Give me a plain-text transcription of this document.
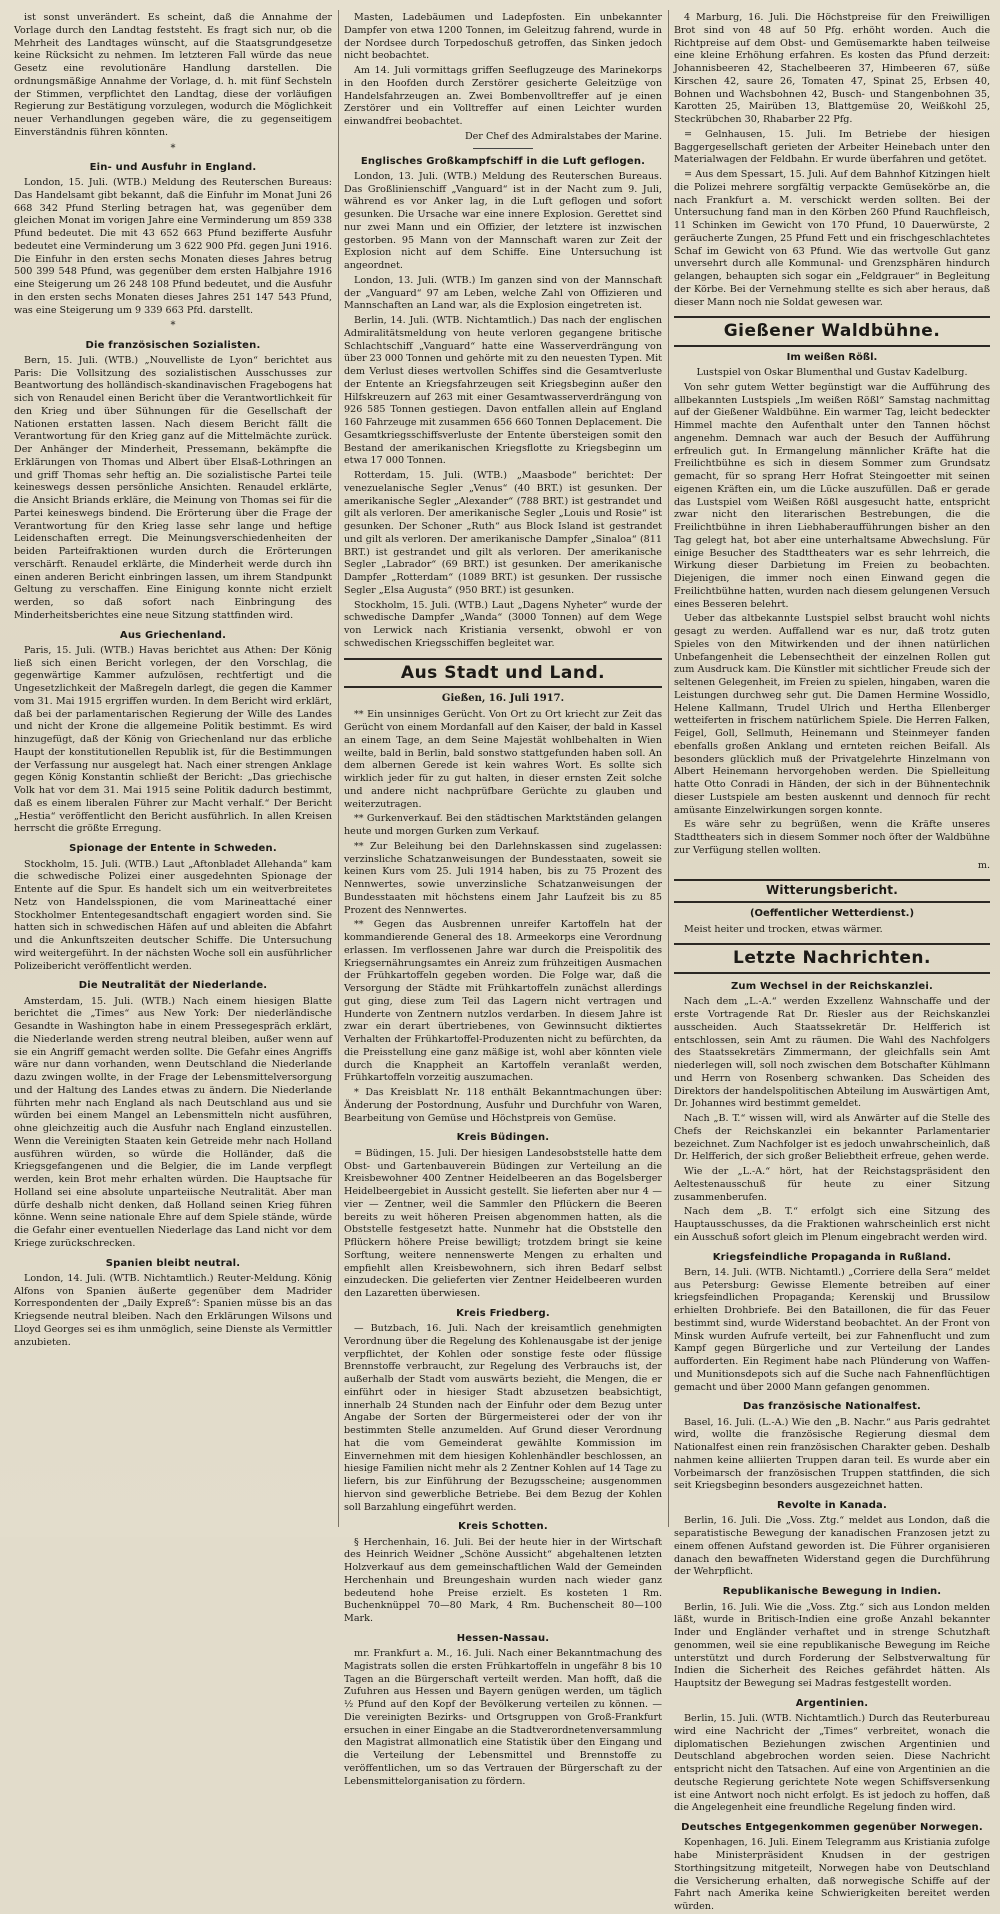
ist sonst unverändert. Es scheint, daß die Annahme der Vorlage durch den Landtag feststeht. Es fragt sich nur, ob die Mehrheit des Landtages wünscht, auf die Staatsgrundgesetze keine Rücksicht zu nehmen. Im letzteren Fall würde das neue Gesetz eine revolutionäre Handlung darstellen. Die ordnungsmäßige Annahme der Vorlage, d. h. mit fünf Sechsteln der Stimmen, verpflichtet den Landtag, diese der vorläufigen Regierung zur Bestätigung vorzulegen, wodurch die Möglichkeit neuer Verhandlungen gegeben wäre, die zu gegenseitigem Einverständnis führen könnten.

*
Ein- und Ausfuhr in England.

London, 15. Juli. (WTB.) Meldung des Reuterschen Bureaus: Das Handelsamt gibt bekannt, daß die Einfuhr im Monat Juni 26 668 342 Pfund Sterling betragen hat, was gegenüber dem gleichen Monat im vorigen Jahre eine Verminderung um 859 338 Pfund bedeutet. Die mit 43 652 663 Pfund bezifferte Ausfuhr bedeutet eine Verminderung um 3 622 900 Pfd. gegen Juni 1916. Die Einfuhr in den ersten sechs Monaten dieses Jahres betrug 500 399 548 Pfund, was gegenüber dem ersten Halbjahre 1916 eine Steigerung um 26 248 108 Pfund bedeutet, und die Ausfuhr in den ersten sechs Monaten dieses Jahres 251 147 543 Pfund, was eine Steigerung um 9 339 663 Pfd. darstellt.

*
Die französischen Sozialisten.

Bern, 15. Juli. (WTB.) „Nouvelliste de Lyon“ berichtet aus Paris: Die Vollsitzung des sozialistischen Ausschusses zur Beantwortung des holländisch-skandinavischen Fragebogens hat sich von Renaudel einen Bericht über die Verantwortlichkeit für den Krieg und über Sühnungen für die Gesellschaft der Nationen erstatten lassen. Nach diesem Bericht fällt die Verantwortung für den Krieg ganz auf die Mittelmächte zurück. Der Anhänger der Minderheit, Pressemann, bekämpfte die Erklärungen von Thomas und Albert über Elsaß-Lothringen an und griff Thomas sehr heftig an. Die sozialistische Partei teile keineswegs dessen persönliche Ansichten. Renaudel erklärte, die Ansicht Briands erkläre, die Meinung von Thomas sei für die Partei keineswegs bindend. Die Erörterung über die Frage der Verantwortung für den Krieg lasse sehr lange und heftige Leidenschaften erregt. Die Meinungsverschiedenheiten der beiden Parteifraktionen wurden durch die Erörterungen verschärft. Renaudel erklärte, die Minderheit werde durch ihn einen anderen Bericht einbringen lassen, um ihrem Standpunkt Geltung zu verschaffen. Eine Einigung konnte nicht erzielt werden, so daß sofort nach Einbringung des Minderheitsberichtes eine neue Sitzung stattfinden wird.

Aus Griechenland.

Paris, 15. Juli. (WTB.) Havas berichtet aus Athen: Der König ließ sich einen Bericht vorlegen, der den Vorschlag, die gegenwärtige Kammer aufzulösen, rechtfertigt und die Ungesetzlichkeit der Maßregeln darlegt, die gegen die Kammer vom 31. Mai 1915 ergriffen wurden. In dem Bericht wird erklärt, daß bei der parlamentarischen Regierung der Wille des Landes und nicht der Krone die allgemeine Politik bestimmt. Es wird hinzugefügt, daß der König von Griechenland nur das erbliche Haupt der konstitutionellen Republik ist, für die Bestimmungen der Verfassung nur ausgelegt hat. Nach einer strengen Anklage gegen König Konstantin schließt der Bericht: „Das griechische Volk hat vor dem 31. Mai 1915 seine Politik dadurch bestimmt, daß es einem liberalen Führer zur Macht verhalf.“ Der Bericht „Hestia“ veröffentlicht den Bericht ausführlich. In allen Kreisen herrscht die größte Erregung.

Spionage der Entente in Schweden.

Stockholm, 15. Juli. (WTB.) Laut „Aftonbladet Allehanda“ kam die schwedische Polizei einer ausgedehnten Spionage der Entente auf die Spur. Es handelt sich um ein weitverbreitetes Netz von Handelsspionen, die vom Marineattaché einer Stockholmer Ententegesandtschaft engagiert worden sind. Sie hatten sich in schwedischen Häfen auf und ableiten die Abfahrt und die Ankunftszeiten deutscher Schiffe. Die Untersuchung wird weitergeführt. In der nächsten Woche soll ein ausführlicher Polizeibericht veröffentlicht werden.

Die Neutralität der Niederlande.

Amsterdam, 15. Juli. (WTB.) Nach einem hiesigen Blatte berichtet die „Times“ aus New York: Der niederländische Gesandte in Washington habe in einem Pressegespräch erklärt, die Niederlande werden streng neutral bleiben, außer wenn auf sie ein Angriff gemacht werden sollte. Die Gefahr eines Angriffs wäre nur dann vorhanden, wenn Deutschland die Niederlande dazu zwingen wollte, in der Frage der Lebensmittelversorgung und der Haltung des Landes etwas zu ändern. Die Niederlande führten mehr nach England als nach Deutschland aus und sie würden bei einem Mangel an Lebensmitteln nicht ausführen, ohne gleichzeitig auch die Ausfuhr nach England einzustellen. Wenn die Vereinigten Staaten kein Getreide mehr nach Holland ausführen würden, so würde die Holländer, daß die Kriegsgefangenen und die Belgier, die im Lande verpflegt werden, kein Brot mehr erhalten würden. Die Hauptsache für Holland sei eine absolute unparteiische Neutralität. Aber man dürfe deshalb nicht denken, daß Holland seinen Krieg führen könne. Wenn seine nationale Ehre auf dem Spiele stände, würde die Gefahr einer eventuellen Niederlage das Land nicht vor dem Kriege zurückschrecken.

Spanien bleibt neutral.

London, 14. Juli. (WTB. Nichtamtlich.) Reuter-Meldung. König Alfons von Spanien äußerte gegenüber dem Madrider Korrespondenten der „Daily Expreß“: Spanien müsse bis an das Kriegsende neutral bleiben. Nach den Erklärungen Wilsons und Lloyd Georges sei es ihm unmöglich, seine Dienste als Vermittler anzubieten.

Masten, Ladebäumen und Ladepfosten. Ein unbekannter Dampfer von etwa 1200 Tonnen, im Geleitzug fahrend, wurde in der Nordsee durch Torpedoschuß getroffen, das Sinken jedoch nicht beobachtet.

Am 14. Juli vormittags griffen Seeflugzeuge des Marinekorps in den Hoofden durch Zerstörer gesicherte Geleitzüge von Handelsfahrzeugen an. Zwei Bombenvolltreffer auf je einen Zerstörer und ein Volltreffer auf einen Leichter wurden einwandfrei beobachtet.

Der Chef des Admiralstabes der Marine.

Englisches Großkampfschiff in die Luft geflogen.

London, 13. Juli. (WTB.) Meldung des Reuterschen Bureaus. Das Großlinienschiff „Vanguard“ ist in der Nacht zum 9. Juli, während es vor Anker lag, in die Luft geflogen und sofort gesunken. Die Ursache war eine innere Explosion. Gerettet sind nur zwei Mann und ein Offizier, der letztere ist inzwischen gestorben. 95 Mann von der Mannschaft waren zur Zeit der Explosion nicht auf dem Schiffe. Eine Untersuchung ist angeordnet.

London, 13. Juli. (WTB.) Im ganzen sind von der Mannschaft der „Vanguard“ 97 am Leben, welche Zahl von Offizieren und Mannschaften an Land war, als die Explosion eingetreten ist.

Berlin, 14. Juli. (WTB. Nichtamtlich.) Das nach der englischen Admiralitätsmeldung von heute verloren gegangene britische Schlachtschiff „Vanguard“ hatte eine Wasserverdrängung von über 23 000 Tonnen und gehörte mit zu den neuesten Typen. Mit dem Verlust dieses wertvollen Schiffes sind die Gesamtverluste der Entente an Kriegsfahrzeugen seit Kriegsbeginn außer den Hilfskreuzern auf 263 mit einer Gesamtwasserverdrängung von 926 585 Tonnen gestiegen. Davon entfallen allein auf England 160 Fahrzeuge mit zusammen 656 660 Tonnen Deplacement. Die Gesamtkriegsschiffsverluste der Entente übersteigen somit den Bestand der amerikanischen Kriegsflotte zu Kriegsbeginn um etwa 17 000 Tonnen.

Rotterdam, 15. Juli. (WTB.) „Maasbode“ berichtet: Der venezuelanische Segler „Venus“ (40 BRT.) ist gesunken. Der amerikanische Segler „Alexander“ (788 BRT.) ist gestrandet und gilt als verloren. Der amerikanische Segler „Louis und Rosie“ ist gesunken. Der Schoner „Ruth“ aus Block Island ist gestrandet und gilt als verloren. Der amerikanische Dampfer „Sinaloa“ (811 BRT.) ist gestrandet und gilt als verloren. Der amerikanische Segler „Labrador“ (69 BRT.) ist gesunken. Der amerikanische Dampfer „Rotterdam“ (1089 BRT.) ist gesunken. Der russische Segler „Elsa Augusta“ (950 BRT.) ist gesunken.

Stockholm, 15. Juli. (WTB.) Laut „Dagens Nyheter“ wurde der schwedische Dampfer „Wanda“ (3000 Tonnen) auf dem Wege von Lerwick nach Kristiania versenkt, obwohl er von schwedischen Kriegsschiffen begleitet war.

Aus Stadt und Land.
Gießen, 16. Juli 1917.

** Ein unsinniges Gerücht. Von Ort zu Ort kriecht zur Zeit das Gerücht von einem Mordanfall auf den Kaiser, der bald in Kassel an einem Tage, an dem Seine Majestät wohlbehalten in Wien weilte, bald in Berlin, bald sonstwo stattgefunden haben soll. An dem albernen Gerede ist kein wahres Wort. Es sollte sich wirklich jeder für zu gut halten, in dieser ernsten Zeit solche und andere nicht nachprüfbare Gerüchte zu glauben und weiterzutragen.

** Gurkenverkauf. Bei den städtischen Marktständen gelangen heute und morgen Gurken zum Verkauf.

** Zur Beleihung bei den Darlehnskassen sind zugelassen: verzinsliche Schatzanweisungen der Bundesstaaten, soweit sie keinen Kurs vom 25. Juli 1914 haben, bis zu 75 Prozent des Nennwertes, sowie unverzinsliche Schatzanweisungen der Bundesstaaten mit höchstens einem Jahr Laufzeit bis zu 85 Prozent des Nennwertes.

** Gegen das Ausbrennen unreifer Kartoffeln hat der kommandierende General des 18. Armeekorps eine Verordnung erlassen. Im verflossenen Jahre war durch die Preispolitik des Kriegsernährungsamtes ein Anreiz zum frühzeitigen Ausmachen der Frühkartoffeln gegeben worden. Die Folge war, daß die Versorgung der Städte mit Frühkartoffeln zunächst allerdings gut ging, diese zum Teil das Lagern nicht vertragen und Hunderte von Zentnern nutzlos verdarben. In diesem Jahre ist zwar ein derart übertriebenes, von Gewinnsucht diktiertes Verhalten der Frühkartoffel-Produzenten nicht zu befürchten, da die Preisstellung eine ganz mäßige ist, wohl aber könnten viele durch die Knappheit an Kartoffeln veranlaßt werden, Frühkartoffeln vorzeitig auszumachen.

* Das Kreisblatt Nr. 118 enthält Bekanntmachungen über: Änderung der Postordnung, Ausfuhr und Durchfuhr von Waren, Bearbeitung von Gemüse und Höchstpreis von Gemüse.

Kreis Büdingen.

= Büdingen, 15. Juli. Der hiesigen Landesobststelle hatte dem Obst- und Gartenbauverein Büdingen zur Verteilung an die Kreisbewohner 400 Zentner Heidelbeeren an das Bogelsberger Heidelbeergebiet in Aussicht gestellt. Sie lieferten aber nur 4 — vier — Zentner, weil die Sammler den Pflückern die Beeren bereits zu weit höheren Preisen abgenommen hatten, als die Obststelle festgesetzt hatte. Nunmehr hat die Obststelle den Pflückern höhere Preise bewilligt; trotzdem bringt sie keine Sorftung, weitere nennenswerte Mengen zu erhalten und empfiehlt allen Kreisbewohnern, sich ihren Bedarf selbst einzudecken. Die gelieferten vier Zentner Heidelbeeren wurden den Lazaretten überwiesen.

Kreis Friedberg.

— Butzbach, 16. Juli. Nach der kreisamtlich genehmigten Verordnung über die Regelung des Kohlenausgabe ist der jenige verpflichtet, der Kohlen oder sonstige feste oder flüssige Brennstoffe verbraucht, zur Regelung des Verbrauchs ist, der außerhalb der Stadt vom auswärts bezieht, die Mengen, die er einführt oder in hiesiger Stadt abzusetzen beabsichtigt, innerhalb 24 Stunden nach der Einfuhr oder dem Bezug unter Angabe der Sorten der Bürgermeisterei oder der von ihr bestimmten Stelle anzumelden. Auf Grund dieser Verordnung hat die vom Gemeinderat gewählte Kommission im Einvernehmen mit dem hiesigen Kohlenhändler beschlossen, an hiesige Familien nicht mehr als 2 Zentner Kohlen auf 14 Tage zu liefern, bis zur Einführung der Bezugsscheine; ausgenommen hiervon sind gewerbliche Betriebe. Bei dem Bezug der Kohlen soll Barzahlung eingeführt werden.

Kreis Schotten.

§ Herchenhain, 16. Juli. Bei der heute hier in der Wirtschaft des Heinrich Weidner „Schöne Aussicht“ abgehaltenen letzten Holzverkauf aus dem gemeinschaftlichen Wald der Gemeinden Herchenhain und Breungeshain wurden nach wieder ganz bedeutend hohe Preise erzielt. Es kosteten 1 Rm. Buchenknüppel 70—80 Mark, 4 Rm. Buchenscheit 80—100 Mark.

Hessen-Nassau.

mr. Frankfurt a. M., 16. Juli. Nach einer Bekanntmachung des Magistrats sollen die ersten Frühkartoffeln in ungefähr 8 bis 10 Tagen an die Bürgerschaft verteilt werden. Man hofft, daß die Zufuhren aus Hessen und Bayern genügen werden, um täglich ½ Pfund auf den Kopf der Bevölkerung verteilen zu können. — Die vereinigten Bezirks- und Ortsgruppen von Groß-Frankfurt ersuchen in einer Eingabe an die Stadtverordnetenversammlung den Magistrat allmonatlich eine Statistik über den Eingang und die Verteilung der Lebensmittel und Brennstoffe zu veröffentlichen, um so das Vertrauen der Bürgerschaft zu der Lebensmittelorganisation zu fördern.

4 Marburg, 16. Juli. Die Höchstpreise für den Freiwilligen Brot sind von 48 auf 50 Pfg. erhöht worden. Auch die Richtpreise auf dem Obst- und Gemüsemarkte haben teilweise eine kleine Erhöhung erfahren. Es kosten das Pfund derzeit: Johannisbeeren 42, Stachelbeeren 37, Himbeeren 67, süße Kirschen 42, saure 26, Tomaten 47, Spinat 25, Erbsen 40, Bohnen und Wachsbohnen 42, Busch- und Stangenbohnen 35, Karotten 25, Mairüben 13, Blattgemüse 20, Weißkohl 25, Steckrübchen 30, Rhabarber 22 Pfg.

= Gelnhausen, 15. Juli. Im Betriebe der hiesigen Baggergesellschaft gerieten der Arbeiter Heinebach unter den Materialwagen der Feldbahn. Er wurde überfahren und getötet.

= Aus dem Spessart, 15. Juli. Auf dem Bahnhof Kitzingen hielt die Polizei mehrere sorgfältig verpackte Gemüsekörbe an, die nach Frankfurt a. M. verschickt werden sollten. Bei der Untersuchung fand man in den Körben 260 Pfund Rauchfleisch, 11 Schinken im Gewicht von 170 Pfund, 10 Dauerwürste, 2 geräucherte Zungen, 25 Pfund Fett und ein frischgeschlachtetes Schaf im Gewicht von 63 Pfund. Wie das wertvolle Gut ganz unversehrt durch alle Kommunal- und Grenzsphären hindurch gelangen, behaupten sich sogar ein „Feldgrauer“ in Begleitung der Körbe. Bei der Vernehmung stellte es sich aber heraus, daß dieser Mann noch nie Soldat gewesen war.

Gießener Waldbühne.
Im weißen Rößl.

Lustspiel von Oskar Blumenthal und Gustav Kadelburg.

Von sehr gutem Wetter begünstigt war die Aufführung des allbekannten Lustspiels „Im weißen Rößl“ Samstag nachmittag auf der Gießener Waldbühne. Ein warmer Tag, leicht bedeckter Himmel machte den Aufenthalt unter den Tannen höchst angenehm. Demnach war auch der Besuch der Aufführung erfreulich gut. In Ermangelung männlicher Kräfte hat die Freilichtbühne es sich in diesem Sommer zum Grundsatz gemacht, für so sprang Herr Hofrat Steingoetter mit seinen eigenen Kräften ein, um die Lücke auszufüllen. Daß er gerade das Lustspiel vom Weißen Rößl ausgesucht hatte, entspricht zwar nicht den literarischen Bestrebungen, die die Freilichtbühne in ihren Liebhaberaufführungen bisher an den Tag gelegt hat, bot aber eine unterhaltsame Abwechslung. Für einige Besucher des Stadttheaters war es sehr lehrreich, die Wirkung dieser Darbietung im Freien zu beobachten. Diejenigen, die immer noch einen Einwand gegen die Freilichtbühne hatten, wurden nach diesem gelungenen Versuch eines Besseren belehrt.

Ueber das altbekannte Lustspiel selbst braucht wohl nichts gesagt zu werden. Auffallend war es nur, daß trotz guten Spieles von den Mitwirkenden und der ihnen natürlichen Unbefangenheit die Lebensechtheit der einzelnen Rollen gut zum Ausdruck kam. Die Künstler mit sichtlicher Freude sich der seltenen Gelegenheit, im Freien zu spielen, hingaben, waren die Leistungen durchweg sehr gut. Die Damen Hermine Wossidlo, Helene Kallmann, Trudel Ulrich und Hertha Ellenberger wetteiferten in frischem natürlichem Spiele. Die Herren Falken, Feigel, Goll, Sellmuth, Heinemann und Steinmeyer fanden ebenfalls großen Anklang und ernteten reichen Beifall. Als besonders glücklich muß der Privatgelehrte Hinzelmann von Albert Heinemann hervorgehoben werden. Die Spielleitung hatte Otto Conradi in Händen, der sich in der Bühnentechnik dieser Lustspiele am besten auskennt und dennoch für recht amüsante Einzelwirkungen sorgen konnte.

Es wäre sehr zu begrüßen, wenn die Kräfte unseres Stadttheaters sich in diesem Sommer noch öfter der Waldbühne zur Verfügung stellen wollten.

m.

Witterungsbericht.
(Oeffentlicher Wetterdienst.)

Meist heiter und trocken, etwas wärmer.

Letzte Nachrichten.
Zum Wechsel in der Reichskanzlei.

Nach dem „L.-A.“ werden Exzellenz Wahnschaffe und der erste Vortragende Rat Dr. Riesler aus der Reichskanzlei ausscheiden. Auch Staatssekretär Dr. Helfferich ist entschlossen, sein Amt zu räumen. Die Wahl des Nachfolgers des Staatssekretärs Zimmermann, der gleichfalls sein Amt niederlegen will, soll noch zwischen dem Botschafter Kühlmann und Herrn von Rosenberg schwanken. Das Scheiden des Direktors der handelspolitischen Abteilung im Auswärtigen Amt, Dr. Johannes wird bestimmt gemeldet.

Nach „B. T.“ wissen will, wird als Anwärter auf die Stelle des Chefs der Reichskanzlei ein bekannter Parlamentarier bezeichnet. Zum Nachfolger ist es jedoch unwahrscheinlich, daß Dr. Helfferich, der sich großer Beliebtheit erfreue, gehen werde.

Wie der „L.-A.“ hört, hat der Reichstagspräsident den Aeltestenausschuß für heute zu einer Sitzung zusammenberufen.

Nach dem „B. T.“ erfolgt sich eine Sitzung des Hauptausschusses, da die Fraktionen wahrscheinlich erst nicht ein Ausschuß sofort gleich im Plenum eingebracht werden wird.

Kriegsfeindliche Propaganda in Rußland.

Bern, 14. Juli. (WTB. Nichtamtl.) „Corriere della Sera“ meldet aus Petersburg: Gewisse Elemente betreiben auf einer kriegsfeindlichen Propaganda; Kerenskij und Brussilow erhielten Drohbriefe. Bei den Bataillonen, die für das Feuer bestimmt sind, wurde Widerstand beobachtet. An der Front von Minsk wurden Aufrufe verteilt, bei zur Fahnenflucht und zum Kampf gegen Bürgerliche und zur Verteilung der Landes aufforderten. Ein Regiment habe nach Plünderung von Waffen- und Munitionsdepots sich auf die Suche nach Fahnenflüchtigen gemacht und über 2000 Mann gefangen genommen.

Das französische Nationalfest.

Basel, 16. Juli. (L.-A.) Wie den „B. Nachr.“ aus Paris gedrahtet wird, wollte die französische Regierung diesmal dem Nationalfest einen rein französischen Charakter geben. Deshalb nahmen keine alliierten Truppen daran teil. Es wurde aber ein Vorbeimarsch der französischen Truppen stattfinden, die sich seit Kriegsbeginn besonders ausgezeichnet hatten.

Revolte in Kanada.

Berlin, 16. Juli. Die „Voss. Ztg.“ meldet aus London, daß die separatistische Bewegung der kanadischen Franzosen jetzt zu einem offenen Aufstand geworden ist. Die Führer organisieren danach den bewaffneten Widerstand gegen die Durchführung der Wehrpflicht.

Republikanische Bewegung in Indien.

Berlin, 16. Juli. Wie die „Voss. Ztg.“ sich aus London melden läßt, wurde in Britisch-Indien eine große Anzahl bekannter Inder und Engländer verhaftet und in strenge Schutzhaft genommen, weil sie eine republikanische Bewegung im Reiche unterstützt und durch Forderung der Selbstverwaltung für Indien die Sicherheit des Reiches gefährdet hätten. Als Hauptsitz der Bewegung sei Madras festgestellt worden.

Argentinien.

Berlin, 15. Juli. (WTB. Nichtamtlich.) Durch das Reuterbureau wird eine Nachricht der „Times“ verbreitet, wonach die diplomatischen Beziehungen zwischen Argentinien und Deutschland abgebrochen worden seien. Diese Nachricht entspricht nicht den Tatsachen. Auf eine von Argentinien an die deutsche Regierung gerichtete Note wegen Schiffsversenkung ist eine Antwort noch nicht erfolgt. Es ist jedoch zu hoffen, daß die Angelegenheit eine freundliche Regelung finden wird.

Deutsches Entgegenkommen gegenüber Norwegen.

Kopenhagen, 16. Juli. Einem Telegramm aus Kristiania zufolge habe Ministerpräsident Knudsen in der gestrigen Storthingsitzung mitgeteilt, Norwegen habe von Deutschland die Versicherung erhalten, daß norwegische Schiffe auf der Fahrt nach Amerika keine Schwierigkeiten bereitet werden würden.
